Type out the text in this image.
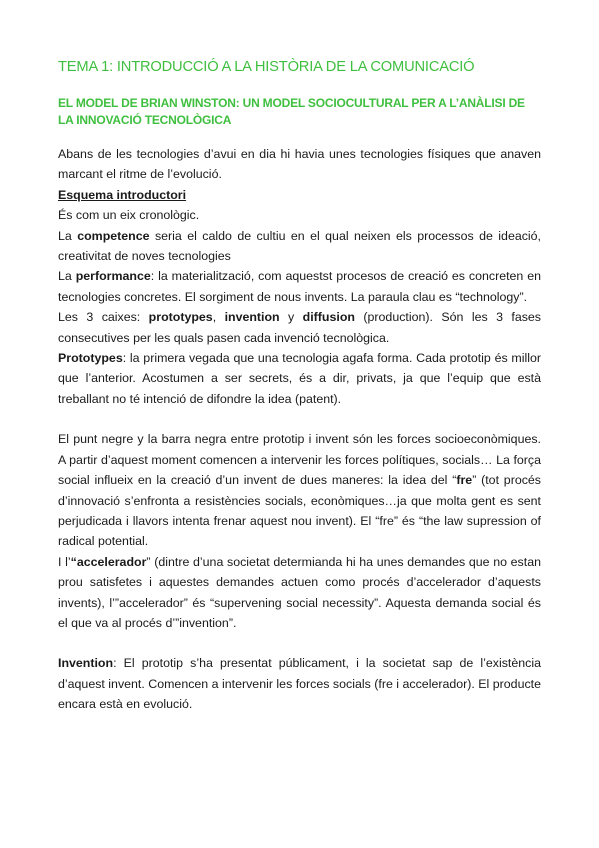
TEMA 1: INTRODUCCIÓ A LA HISTÒRIA DE LA COMUNICACIÓ
EL MODEL DE BRIAN WINSTON: UN MODEL SOCIOCULTURAL PER A L’ANÀLISI DE LA INNOVACIÓ TECNOLÒGICA

Abans de les tecnologies d’avui en dia hi havia unes tecnologies físiques que anaven marcant el ritme de l’evolució.

Esquema introductori

És com un eix cronològic.

La competence seria el caldo de cultiu en el qual neixen els processos de ideació, creativitat de noves tecnologies

La performance: la materialització, com aquestst procesos de creació es concreten en tecnologies concretes. El sorgiment de nous invents. La paraula clau es “technology”.

Les 3 caixes: prototypes, invention y diffusion (production). Són les 3 fases consecutives per les quals pasen cada invenció tecnològica.

Prototypes: la primera vegada que una tecnologia agafa forma. Cada prototip és millor que l’anterior. Acostumen a ser secrets, és a dir, privats, ja que l’equip que està treballant no té intenció de difondre la idea (patent).

El punt negre y la barra negra entre prototip i invent són les forces socioeconòmiques. A partir d’aquest moment comencen a intervenir les forces polítiques, socials… La força social influeix en la creació d’un invent de dues maneres: la idea del “fre” (tot procés d’innovació s’enfronta a resistències socials, econòmiques…ja que molta gent es sent perjudicada i llavors intenta frenar aquest nou invent). El “fre” és “the law supression of radical potential.

I l’“accelerador” (dintre d’una societat determianda hi ha unes demandes que no estan prou satisfetes i aquestes demandes actuen como procés d’accelerador d’aquests invents), l’”accelerador” és “supervening social necessity”. Aquesta demanda social és el que va al procés d’”invention”.

Invention: El prototip s’ha presentat públicament, i la societat sap de l’existència d’aquest invent. Comencen a intervenir les forces socials (fre i accelerador). El producte encara està en evolució.
